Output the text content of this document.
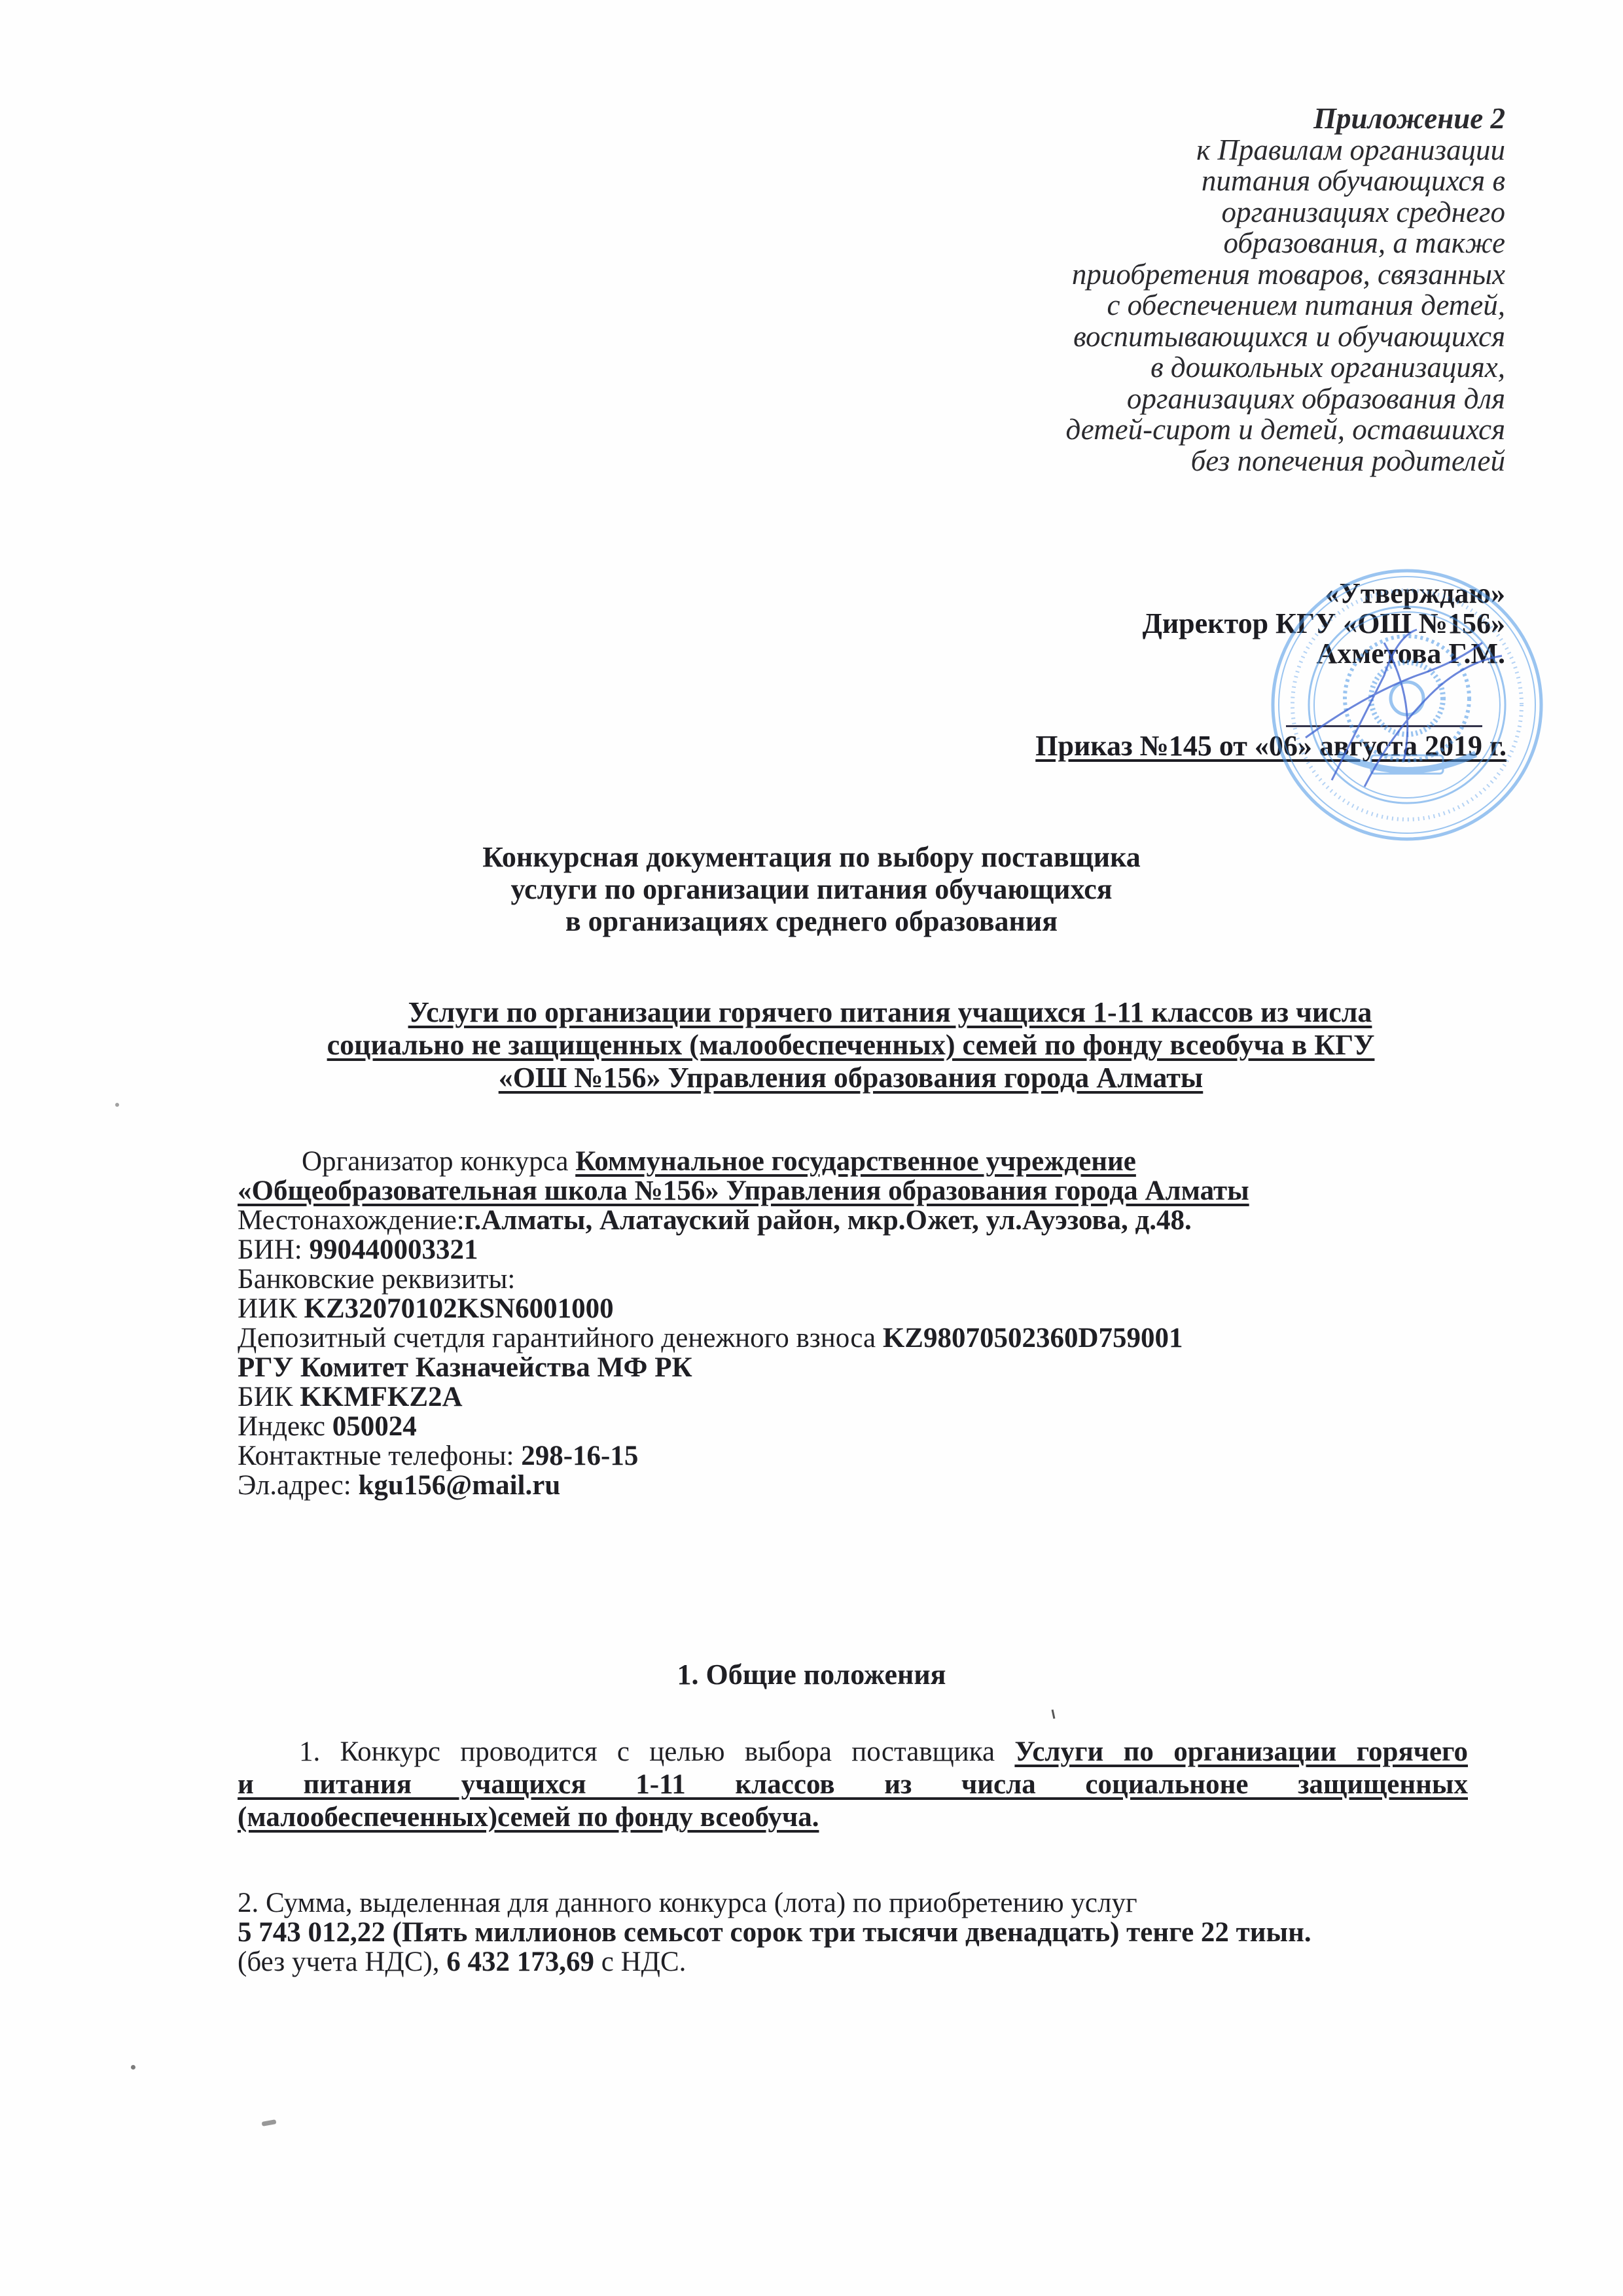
Приложение 2
к Правилам организации
питания обучающихся в
организациях среднего
образования, а также
приобретения товаров, связанных
с обеспечением питания детей,
воспитывающихся и обучающихся
в дошкольных организациях,
организациях образования для
детей-сирот и детей, оставшихся
без попечения родителей
«Утверждаю»
Директор КГУ «ОШ №156»
Ахметова Г.М.
Приказ №145 от «06» августа 2019 г.
Конкурсная документация по выбору поставщика
услуги по организации питания обучающихся
в организациях среднего образования
Услуги по организации горячего питания учащихся 1-11 классов из числа
социально не защищенных (малообеспеченных) семей по фонду всеобуча в КГУ
«ОШ №156» Управления образования города Алматы
Организатор конкурса Коммунальное государственное учреждение
«Общеобразовательная школа №156» Управления образования города Алматы
Местонахождение:г.Алматы, Алатауский район, мкр.Ожет, ул.Ауэзова, д.48.
БИН: 990440003321
Банковские реквизиты:
ИИК KZ32070102KSN6001000
Депозитный счетдля гарантийного денежного взноса KZ98070502360D759001
РГУ Комитет Казначейства МФ РК
БИК KKMFKZ2A
Индекс 050024
Контактные телефоны: 298-16-15
Эл.адрес: kgu156@mail.ru
1. Общие положения
1. Конкурс проводится с целью выбора поставщика Услуги по организации горячего
и питания учащихся 1-11 классов из числа социальноне защищенных
(малообеспеченных)семей по фонду всеобуча.
2. Сумма, выделенная для данного конкурса (лота) по приобретению услуг
5 743 012,22 (Пять миллионов семьсот сорок три тысячи двенадцать) тенге 22 тиын.
(без учета НДС), 6 432 173,69 с НДС.
